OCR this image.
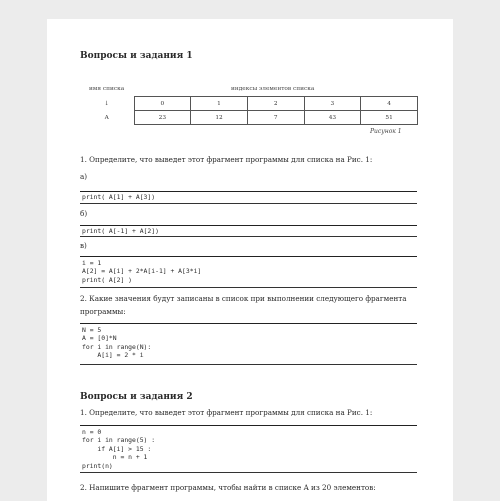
Вопросы и задания 1
имя списка	индексы элементов списка
↓	0	1	2	3	4
A	23	12	7	43	51
Рисунок 1
1. Определите, что выведет этот фрагмент программы для списка на Рис. 1:
а)
print( A[1] + A[3])
б)
print( A[-1] + A[2])
в)
i = 1
A[2] = A[i] + 2*A[i-1] + A[3*i]
print( A[2] )
2. Какие значения будут записаны в список при выполнении следующего фрагмента
программы:
N = 5
A = [0]*N
for i in range(N):
A[i] = 2 * i
Вопросы и задания 2
1. Определите, что выведет этот фрагмент программы для списка на Рис. 1:
n = 0
for i in range(5) :
if A[i] > 15 :
n = n + 1
print(n)
2. Напишите фрагмент программы, чтобы найти в списке A из 20 элементов:
